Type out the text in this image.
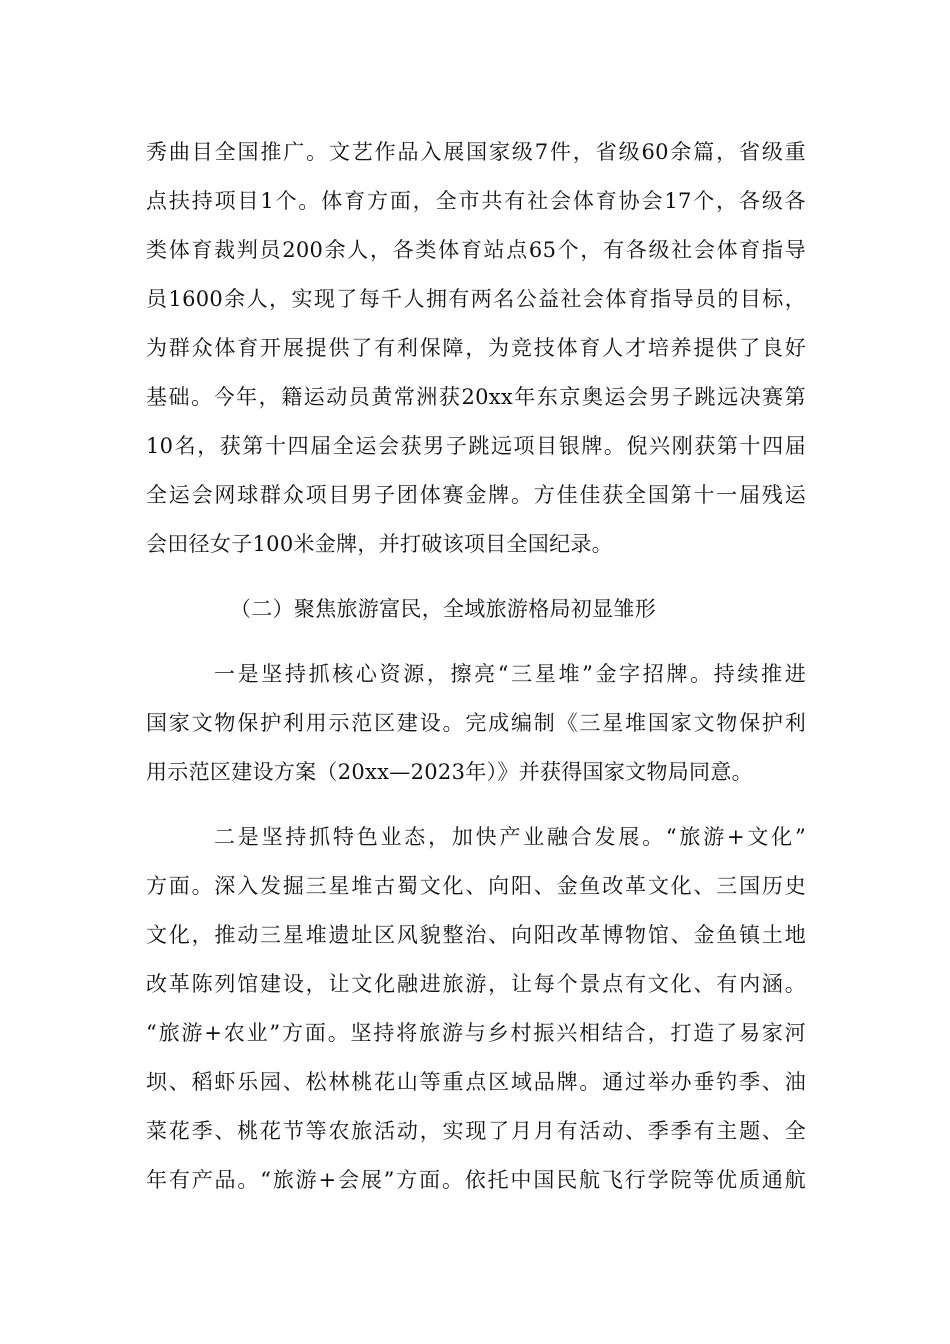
秀曲目全国推广。文艺作品入展国家级7件，省级60余篇，省级重
点扶持项目1个。体育方面，全市共有社会体育协会17个，各级各
类体育裁判员200余人，各类体育站点65个，有各级社会体育指导
员1600余人，实现了每千人拥有两名公益社会体育指导员的目标，
为群众体育开展提供了有利保障，为竞技体育人才培养提供了良好
基础。今年，籍运动员黄常洲获20xx年东京奥运会男子跳远决赛第
10名，获第十四届全运会获男子跳远项目银牌。倪兴刚获第十四届
全运会网球群众项目男子团体赛金牌。方佳佳获全国第十一届残运
会田径女子100米金牌，并打破该项目全国纪录。
（二）聚焦旅游富民，全域旅游格局初显雏形
一是坚持抓核心资源，擦亮“三星堆”金字招牌。持续推进
国家文物保护利用示范区建设。完成编制《三星堆国家文物保护利
用示范区建设方案（20xx—2023年）》并获得国家文物局同意。
二是坚持抓特色业态，加快产业融合发展。“旅游+文化”
方面。深入发掘三星堆古蜀文化、向阳、金鱼改革文化、三国历史
文化，推动三星堆遗址区风貌整治、向阳改革博物馆、金鱼镇土地
改革陈列馆建设，让文化融进旅游，让每个景点有文化、有内涵。
“旅游+农业”方面。坚持将旅游与乡村振兴相结合，打造了易家河
坝、稻虾乐园、松林桃花山等重点区域品牌。通过举办垂钓季、油
菜花季、桃花节等农旅活动，实现了月月有活动、季季有主题、全
年有产品。“旅游+会展”方面。依托中国民航飞行学院等优质通航
